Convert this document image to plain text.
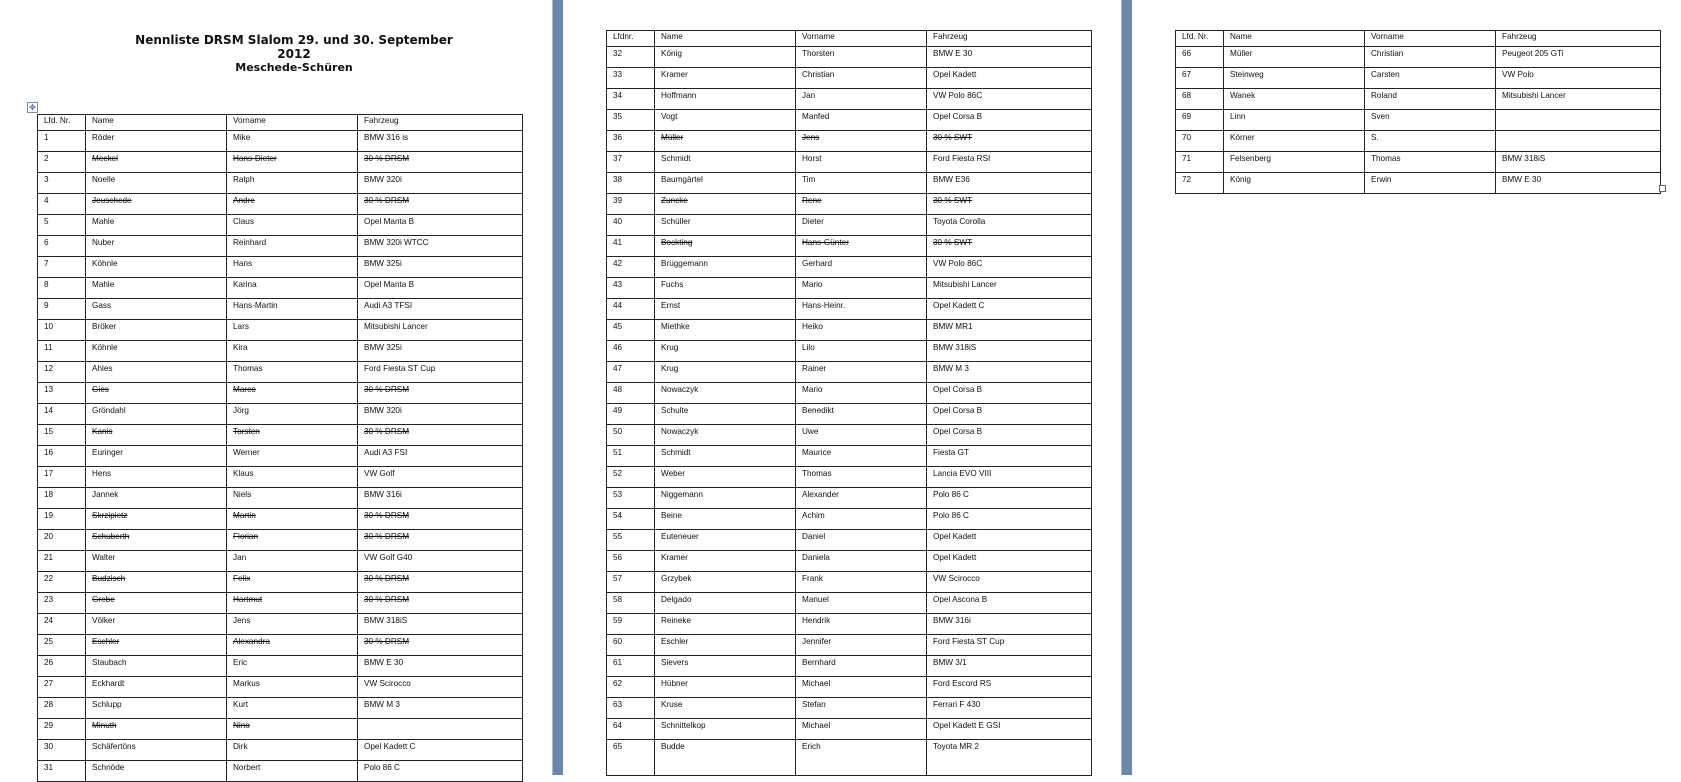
Nennliste DRSM Slalom 29. und 30. September 2012
Meschede-Schüren
✥
Lfd. Nr.	Name	Vorname	Fahrzeug
1	Röder	Mike	BMW 316 is
2	Meckel	Hans-Dieter	30 % DRSM
3	Noelle	Ralph	BMW 320i
4	Jeuschede	Andre	30 % DRSM
5	Mahle	Claus	Opel Manta B
6	Nuber	Reinhard	BMW 320i WTCC
7	Köhnle	Hans	BMW 325i
8	Mahle	Karina	Opel Manta B
9	Gass	Hans-Martin	Audi A3 TFSI
10	Bröker	Lars	Mitsubishi Lancer
11	Köhnle	Kira	BMW 325i
12	Ahles	Thomas	Ford Fiesta ST Cup
13	Gies	Marco	30 % DRSM
14	Gröndahl	Jörg	BMW 320i
15	Kanis	Torsten	30 % DRSM
16	Euringer	Werner	Audi A3 FSI
17	Hens	Klaus	VW Golf
18	Jannek	Niels	BMW 316i
19	Skrzipietz	Martin	30 % DRSM
20	Schuberth	Florian	30 % DRSM
21	Walter	Jan	VW Golf G40
22	Budzisch	Felix	30 % DRSM
23	Grebe	Hartmut	30 % DRSM
24	Völker	Jens	BMW 318iS
25	Eschler	Alexandra	30 % DRSM
26	Staubach	Eric	BMW E 30
27	Eckhardt	Markus	VW Scirocco
28	Schlupp	Kurt	BMW M 3
29	Minuth	Nino	
30	Schäfertöns	Dirk	Opel Kadett C
31	Schnöde	Norbert	Polo 86 C
Lfdnr.	Name	Vorname	Fahrzeug
32	König	Thorsten	BMW E 30
33	Kramer	Christian	Opel Kadett
34	Hoffmann	Jan	VW Polo 86C
35	Vogt	Manfed	Opel Corsa B
36	Müller	Jens	30 % SWT
37	Schmidt	Horst	Ford Fiesta RSI
38	Baumgärtel	Tim	BMW E36
39	Zuncke	Rene	30 % SWT
40	Schüller	Dieter	Toyota Corolla
41	Bockting	Hans-Günter	30 % SWT
42	Brüggemann	Gerhard	VW Polo 86C
43	Fuchs	Mario	Mitsubishi Lancer
44	Ernst	Hans-Heinr.	Opel Kadett C
45	Miethke	Heiko	BMW MR1
46	Krug	Lilo	BMW 318iS
47	Krug	Rainer	BMW M 3
48	Nowaczyk	Mario	Opel Corsa B
49	Schulte	Benedikt	Opel Corsa B
50	Nowaczyk	Uwe	Opel Corsa B
51	Schmidt	Maurice	Fiesta GT
52	Weber	Thomas	Lancia EVO VIII
53	Niggemann	Alexander	Polo 86 C
54	Beine	Achim	Polo 86 C
55	Euteneuer	Daniel	Opel Kadett
56	Kramer	Daniela	Opel Kadett
57	Grzybek	Frank	VW Scirocco
58	Delgado	Manuel	Opel Ascona B
59	Reineke	Hendrik	BMW 316i
60	Eschler	Jennifer	Ford Fiesta ST Cup
61	Sievers	Bernhard	BMW 3/1
62	Hübner	Michael	Ford Escord RS
63	Kruse	Stefan	Ferrari F 430
64	Schnittelkop	Michael	Opel Kadett E GSI
65	Budde	Erich	Toyota MR 2
Lfd. Nr.	Name	Vorname	Fahrzeug
66	Müller	Christian	Peugeot 205 GTi
67	Steinweg	Carsten	VW Polo
68	Wanek	Roland	Mitsubishi Lancer
69	Linn	Sven	
70	Körner	S.	
71	Felsenberg	Thomas	BMW 318iS
72	König	Erwin	BMW E 30
